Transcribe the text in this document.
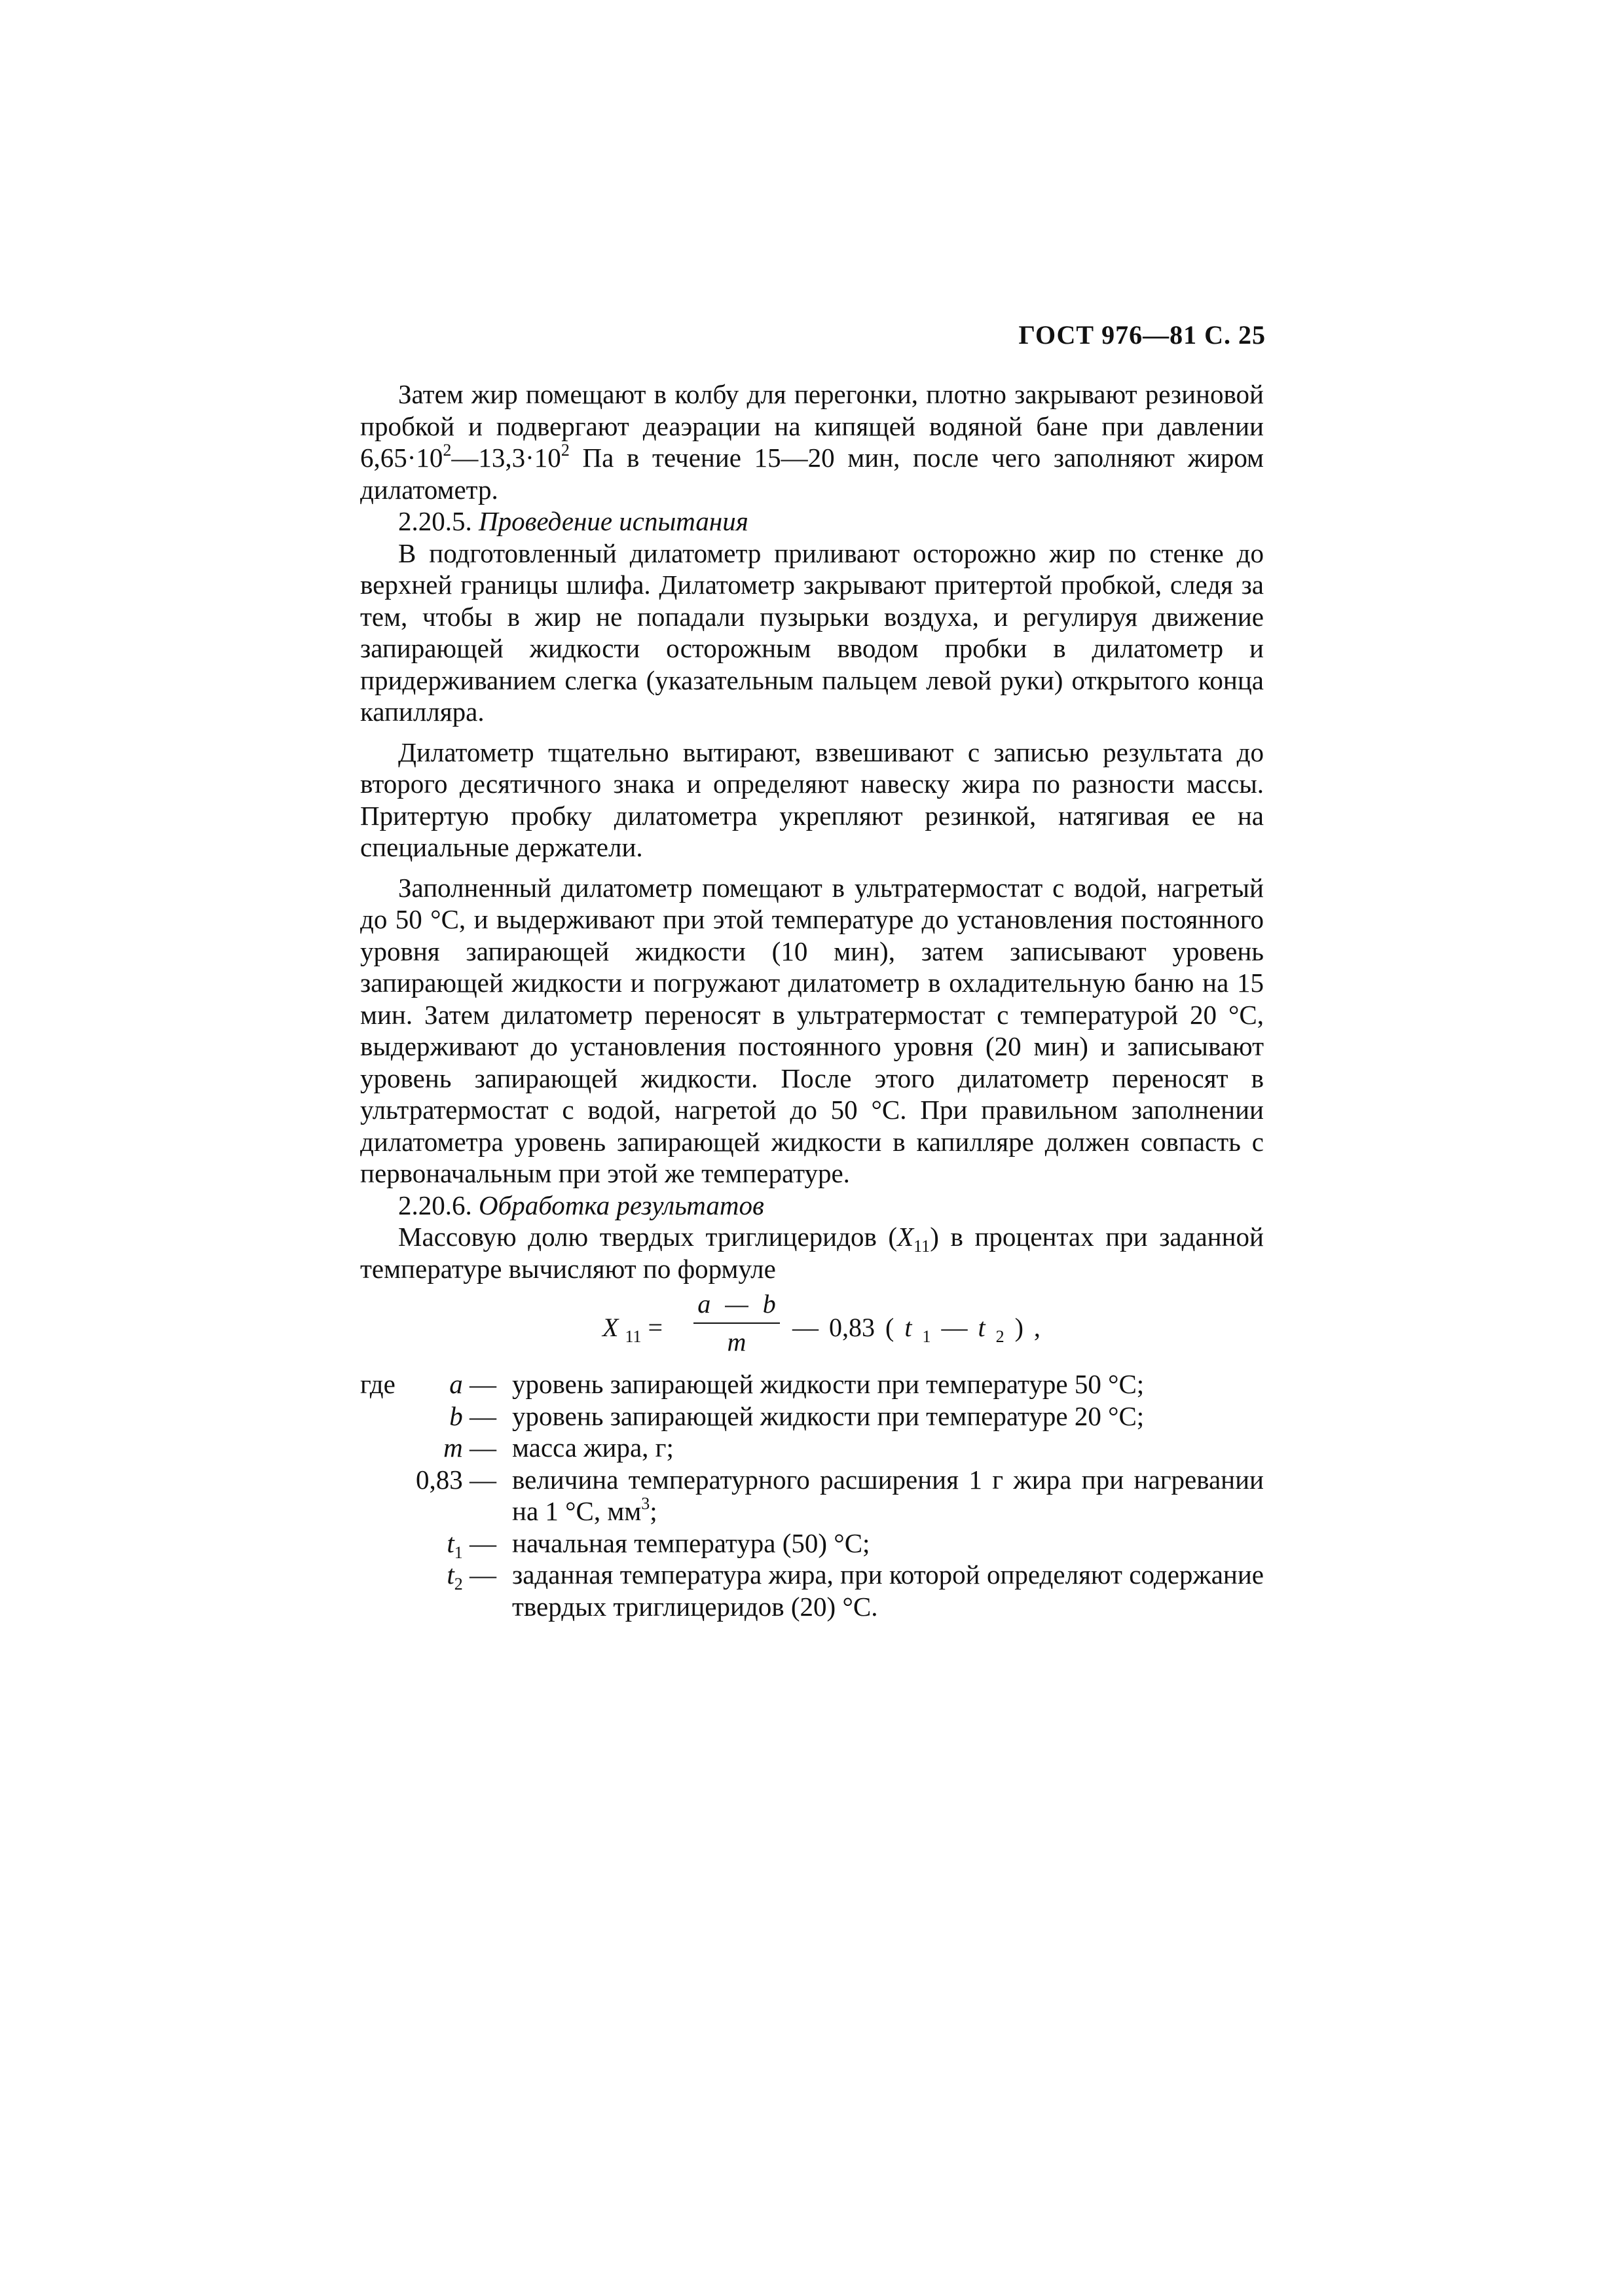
ГОСТ 976—81 С. 25

Затем жир помещают в колбу для перегонки, плотно закрывают резиновой пробкой и подвергают деаэрации на кипящей водяной бане при давлении $6,65\cdot 10^2—13,3\cdot 10^2$ Па в течение 15—20 мин, после чего заполняют жиром дилатометр.

2.20.5. Проведение испытания

В подготовленный дилатометр приливают осторожно жир по стенке до верхней границы шлифа. Дилатометр закрывают притертой пробкой, следя за тем, чтобы в жир не попадали пузырьки воздуха, и регулируя движение запирающей жидкости осторожным вводом пробки в дилатометр и придерживанием слегка (указательным пальцем левой руки) открытого конца капилляра.

Дилатометр тщательно вытирают, взвешивают с записью результата до второго десятичного знака и определяют навеску жира по разности массы. Притертую пробку дилатометра укрепляют резинкой, натягивая ее на специальные держатели.

Заполненный дилатометр помещают в ультратермостат с водой, нагретый до 50 °С, и выдерживают при этой температуре до установления постоянного уровня запирающей жидкости (10 мин), затем записывают уровень запирающей жидкости и погружают дилатометр в охладительную баню на 15 мин. Затем дилатометр переносят в ультратермостат с температурой 20 °С, выдерживают до установления постоянного уровня (20 мин) и записывают уровень запирающей жидкости. После этого дилатометр переносят в ультратермостат с водой, нагретой до 50 °С. При правильном заполнении дилатометра уровень запирающей жидкости в капилляре должен совпасть с первоначальным при этой же температуре.

2.20.6. Обработка результатов

Массовую долю твердых триглицеридов $(X_{11})$ в процентах при заданной температуре вычисляют по формуле

X $_{11}$ =
a — b
m	— 0,83 ( t $_1$ — t $_2$ ) ,
где a — уровень запирающей жидкости при температуре 50 °С;
b — уровень запирающей жидкости при температуре 20 °С;
m — масса жира, г;
0,83 — величина температурного расширения 1 г жира при нагревании на 1 °С, $мм^3$;
$t_1$ — начальная температура (50) °С;
$t_2$ — заданная температура жира, при которой определяют содержание твердых триглицеридов (20) °С.
